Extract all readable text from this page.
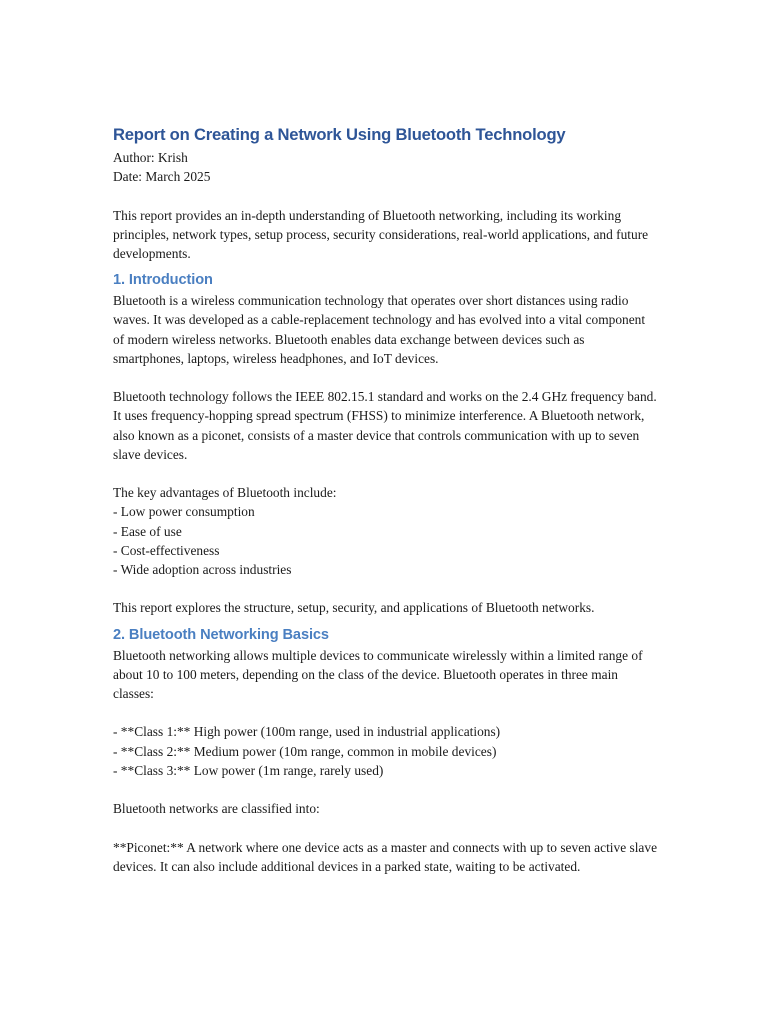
Report on Creating a Network Using Bluetooth Technology

Author: Krish

Date: March 2025

This report provides an in-depth understanding of Bluetooth networking, including its working principles, network types, setup process, security considerations, real-world applications, and future developments.

1. Introduction

Bluetooth is a wireless communication technology that operates over short distances using radio waves. It was developed as a cable-replacement technology and has evolved into a vital component of modern wireless networks. Bluetooth enables data exchange between devices such as smartphones, laptops, wireless headphones, and IoT devices.

Bluetooth technology follows the IEEE 802.15.1 standard and works on the 2.4 GHz frequency band. It uses frequency-hopping spread spectrum (FHSS) to minimize interference. A Bluetooth network, also known as a piconet, consists of a master device that controls communication with up to seven slave devices.

The key advantages of Bluetooth include:

- Low power consumption
- Ease of use
- Cost-effectiveness
- Wide adoption across industries

This report explores the structure, setup, security, and applications of Bluetooth networks.

2. Bluetooth Networking Basics

Bluetooth networking allows multiple devices to communicate wirelessly within a limited range of about 10 to 100 meters, depending on the class of the device. Bluetooth operates in three main classes:

- **Class 1:** High power (100m range, used in industrial applications)
- **Class 2:** Medium power (10m range, common in mobile devices)
- **Class 3:** Low power (1m range, rarely used)

Bluetooth networks are classified into:

**Piconet:** A network where one device acts as a master and connects with up to seven active slave devices. It can also include additional devices in a parked state, waiting to be activated.
